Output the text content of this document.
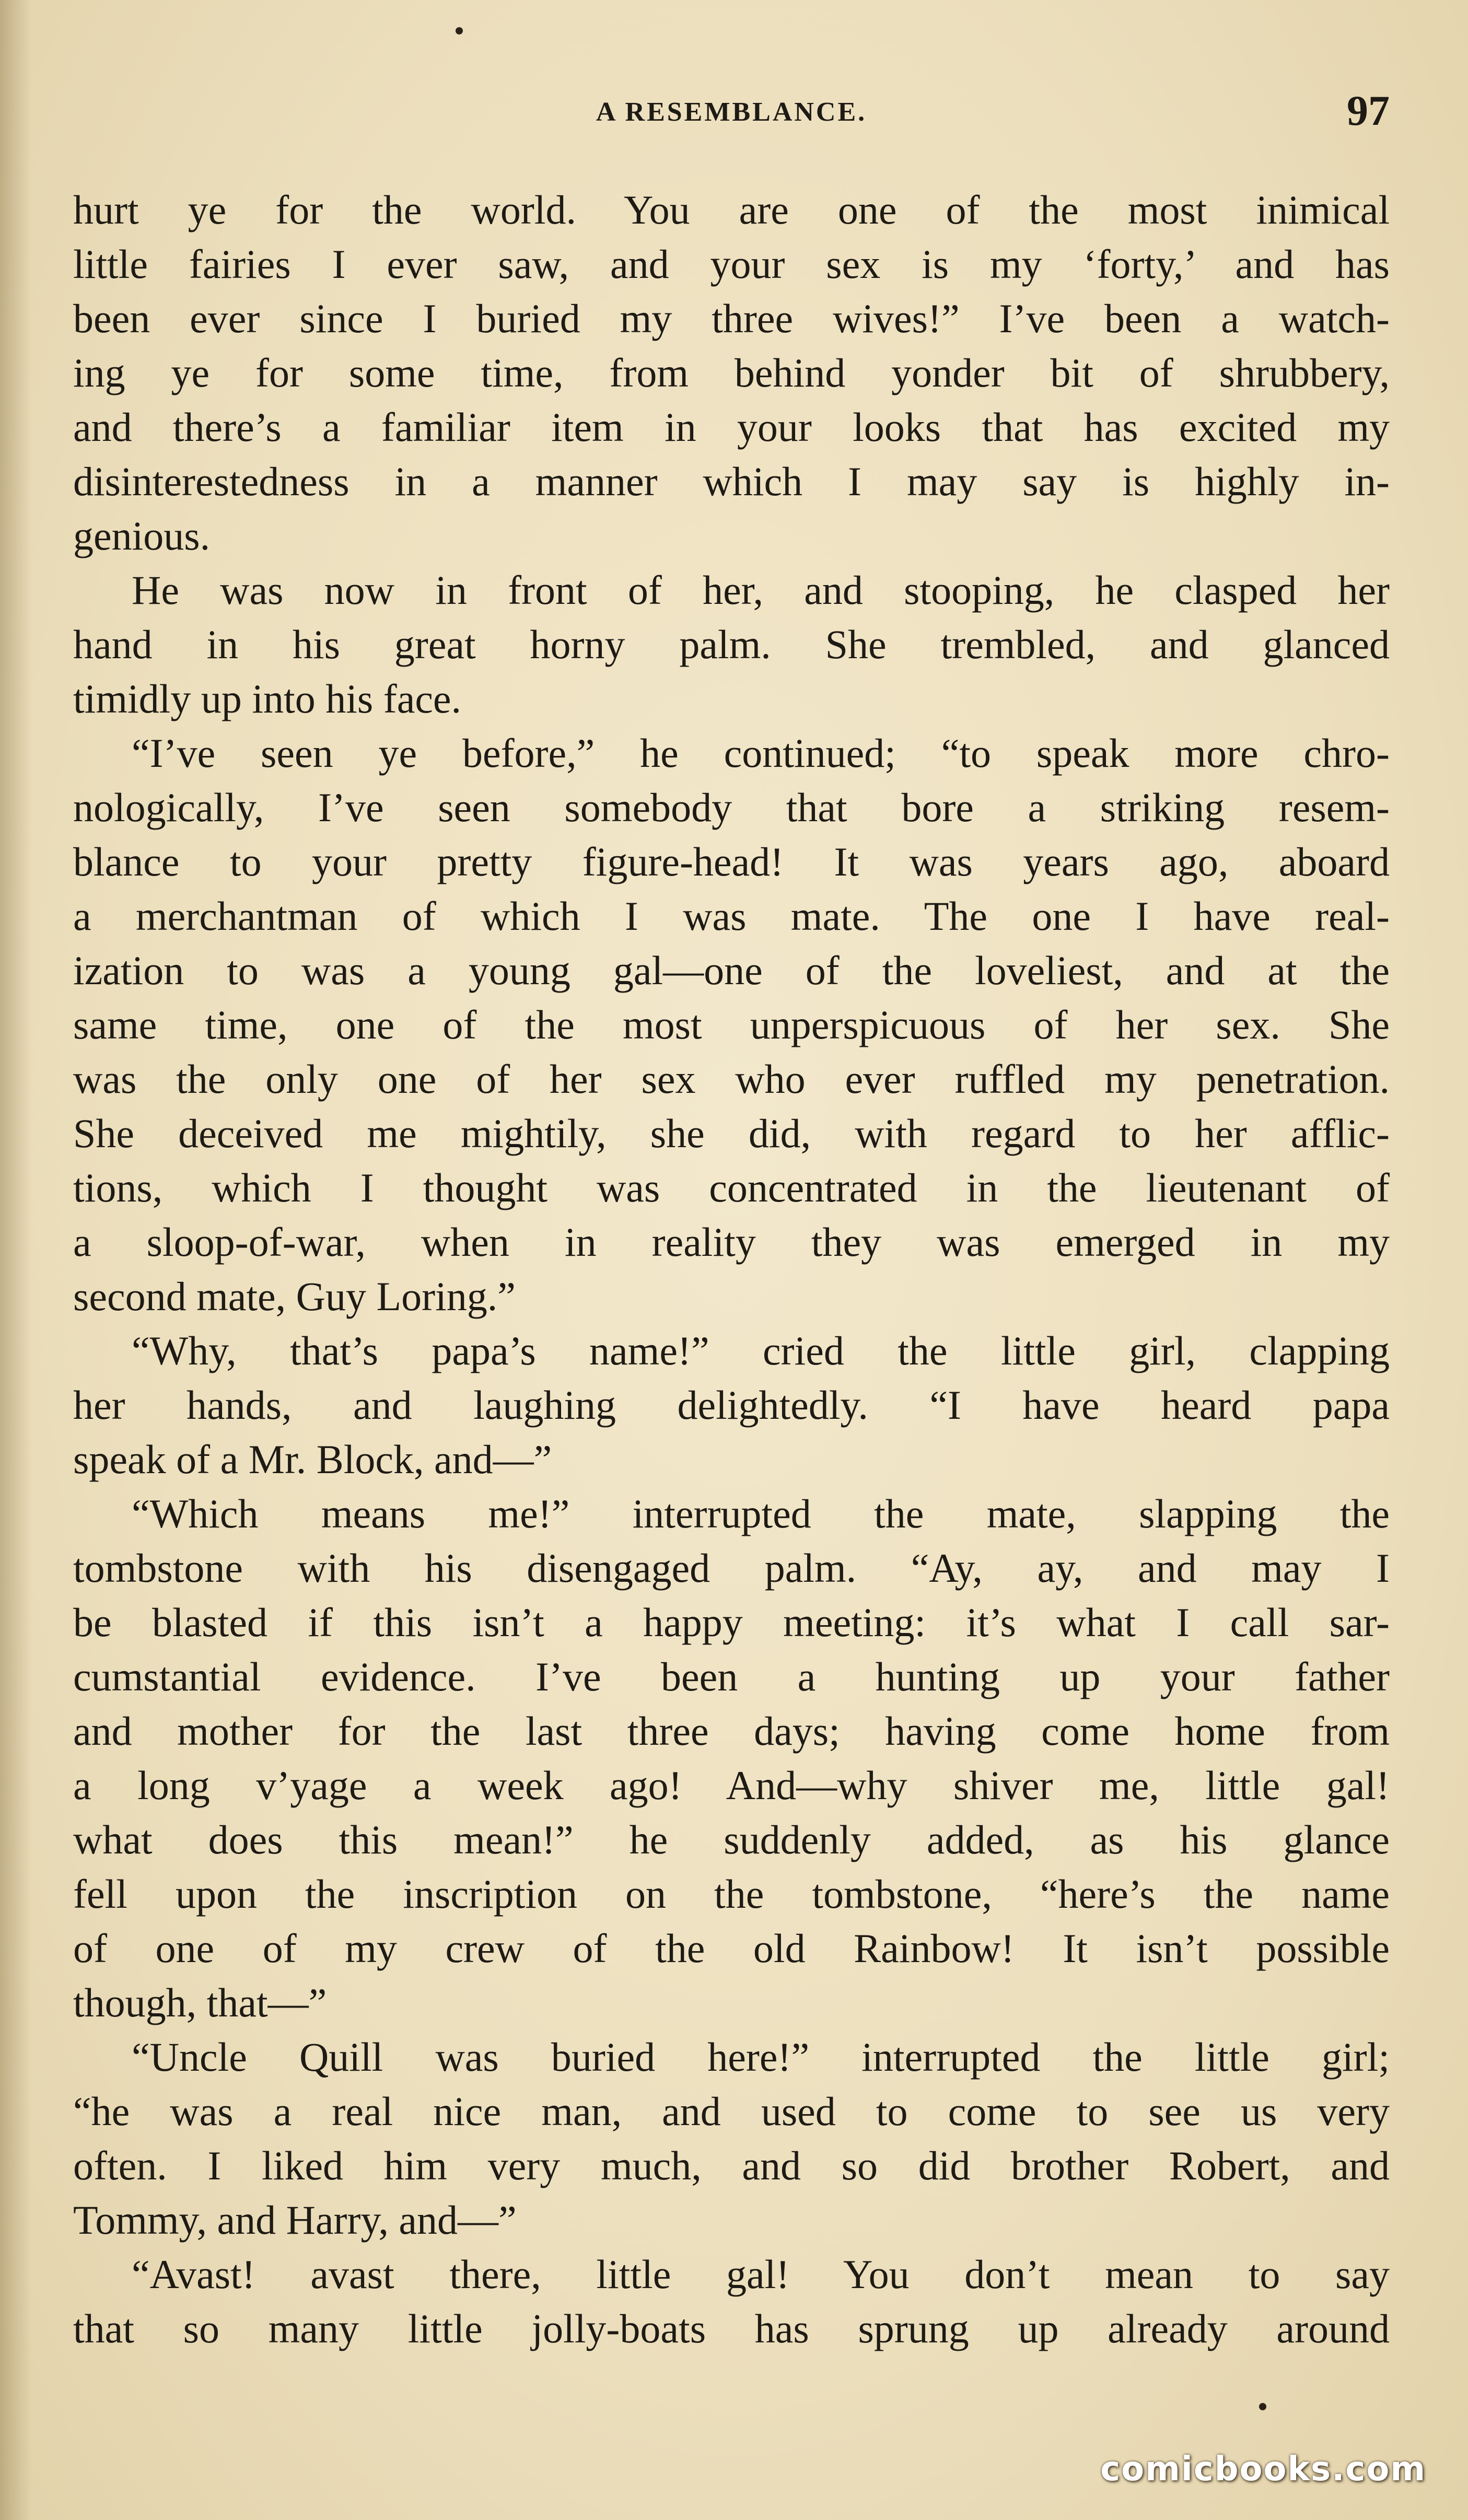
A RESEMBLANCE.	97
hurt ye for the world. You are one of the most inimical
little fairies I ever saw, and your sex is my ‘forty,’ and has
been ever since I buried my three wives!” I’ve been a watch-
ing ye for some time, from behind yonder bit of shrubbery,
and there’s a familiar item in your looks that has excited my
disinterestedness in a manner which I may say is highly in-
genious.
He was now in front of her, and stooping, he clasped her
hand in his great horny palm. She trembled, and glanced
timidly up into his face.
“I’ve seen ye before,” he continued; “to speak more chro-
nologically, I’ve seen somebody that bore a striking resem-
blance to your pretty figure-head! It was years ago, aboard
a merchantman of which I was mate. The one I have real-
ization to was a young gal—one of the loveliest, and at the
same time, one of the most unperspicuous of her sex. She
was the only one of her sex who ever ruffled my penetration.
She deceived me mightily, she did, with regard to her afflic-
tions, which I thought was concentrated in the lieutenant of
a sloop-of-war, when in reality they was emerged in my
second mate, Guy Loring.”
“Why, that’s papa’s name!” cried the little girl, clapping
her hands, and laughing delightedly. “I have heard papa
speak of a Mr. Block, and—”
“Which means me!” interrupted the mate, slapping the
tombstone with his disengaged palm. “Ay, ay, and may I
be blasted if this isn’t a happy meeting: it’s what I call sar-
cumstantial evidence. I’ve been a hunting up your father
and mother for the last three days; having come home from
a long v’yage a week ago! And—why shiver me, little gal!
what does this mean!” he suddenly added, as his glance
fell upon the inscription on the tombstone, “here’s the name
of one of my crew of the old Rainbow! It isn’t possible
though, that—”
“Uncle Quill was buried here!” interrupted the little girl;
“he was a real nice man, and used to come to see us very
often. I liked him very much, and so did brother Robert, and
Tommy, and Harry, and—”
“Avast! avast there, little gal! You don’t mean to say
that so many little jolly-boats has sprung up already around
comicbooks.com
